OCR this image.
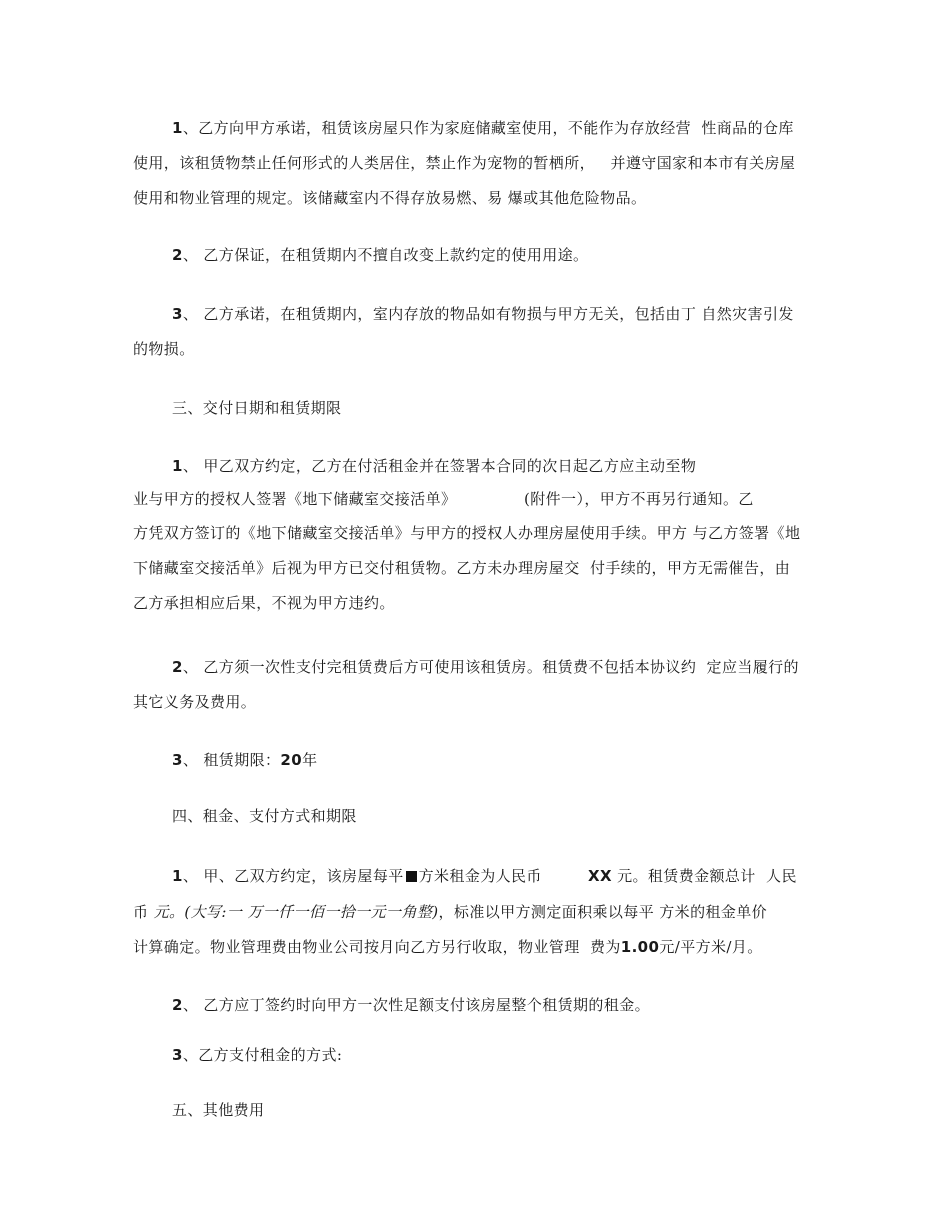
1、乙方向甲方承诺，租赁该房屋只作为家庭储藏室使用，不能作为存放经营  性商品的仓库
使用，该租赁物禁止任何形式的人类居住，禁止作为宠物的暂栖所，   并遵守国家和本市有关房屋
使用和物业管理的规定。该储藏室内不得存放易燃、易 爆或其他危险物品。
2、 乙方保证，在租赁期内不擅自改变上款约定的使用用途。
3、 乙方承诺，在租赁期内，室内存放的物品如有物损与甲方无关，包括由丁 自然灾害引发
的物损。
三、交付日期和租赁期限
1、 甲乙双方约定，乙方在付活租金并在签署本合同的次日起乙方应主动至物
业与甲方的授权人签署《地下储藏室交接活单》	(附件一），甲方不再另行通知。乙
方凭双方签订的《地下储藏室交接活单》与甲方的授权人办理房屋使用手续。甲方 与乙方签署《地
下储藏室交接活单》后视为甲方已交付租赁物。乙方未办理房屋交  付手续的，甲方无需催告，由
乙方承担相应后果，不视为甲方违约。
2、 乙方须一次性支付完租赁费后方可使用该租赁房。租赁费不包括本协议约  定应当履行的
其它义务及费用。
3、 租赁期限：20年
四、租金、支付方式和期限
1、 甲、乙双方约定，该房屋每平 方米租金为人民币	XX 元。租赁费金额总计  人民
币 元。(大写:一 万一仟一佰一拾一元一角整)，标准以甲方测定面积乘以每平 方米的租金单价
计算确定。物业管理费由物业公司按月向乙方另行收取，物业管理  费为1.00元/平方米/月。
2、 乙方应丁签约时向甲方一次性足额支付该房屋整个租赁期的租金。
3、乙方支付租金的方式:
五、其他费用
